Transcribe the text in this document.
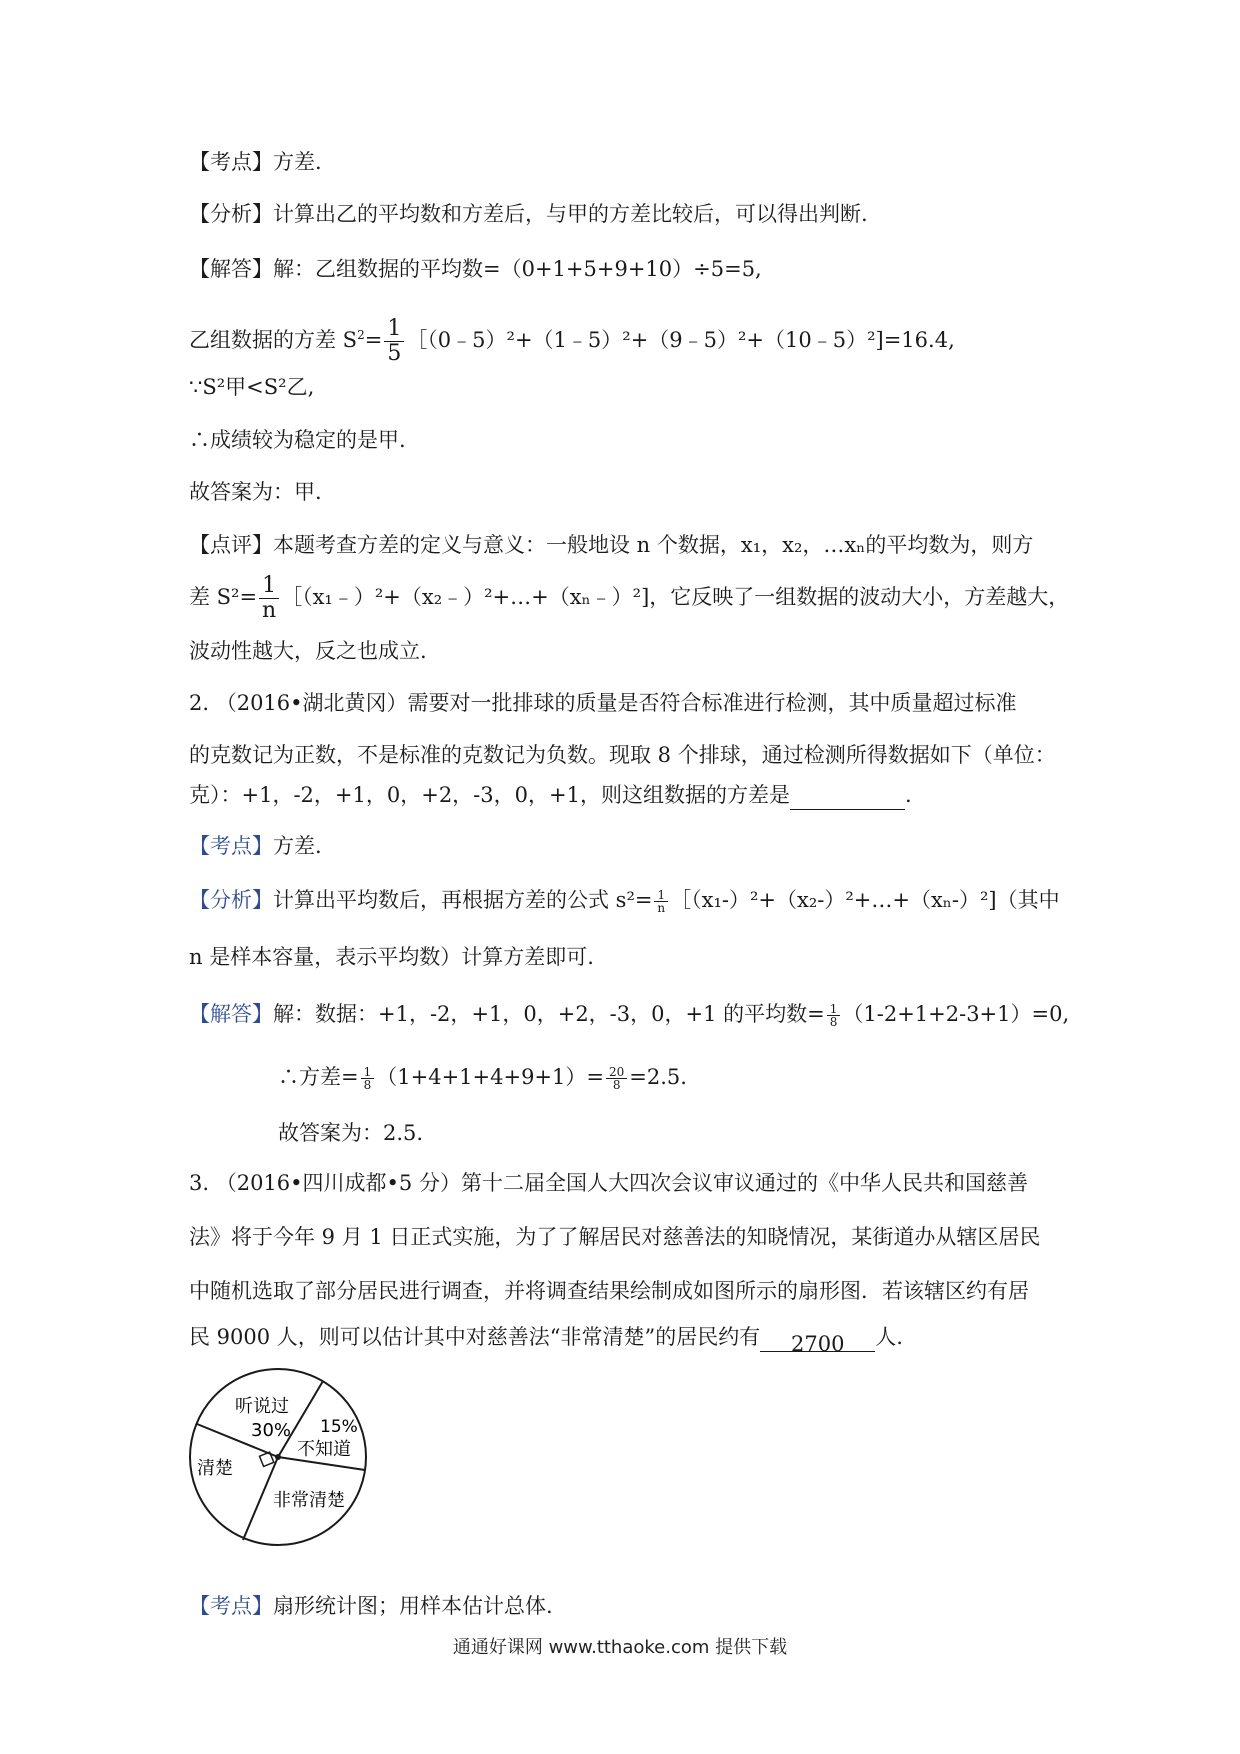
【考点】方差.
【分析】计算出乙的平均数和方差后，与甲的方差比较后，可以得出判断.
【解答】解：乙组数据的平均数=（0+1+5+9+10）÷5=5,
乙组数据的方差 $S^2= \frac{1}{5}$ ［（0﹣5）²+（1﹣5）²+（9﹣5）²+（10﹣5）²]=16.4,
∵S²甲<S²乙,
∴成绩较为稳定的是甲.
故答案为：甲.
【点评】本题考查方差的定义与意义：一般地设 n 个数据，x₁，x₂，…xₙ的平均数为，则方
差 $S^2= \frac{1}{n}$ ［（x₁﹣）²+（x₂﹣）²+…+（xₙ﹣）²]，它反映了一组数据的波动大小，方差越大，
波动性越大，反之也成立.
2. （2016•湖北黄冈）需要对一批排球的质量是否符合标准进行检测，其中质量超过标准
的克数记为正数，不是标准的克数记为负数。现取 8 个排球，通过检测所得数据如下（单位：
克）：+1，-2，+1，0，+2，-3，0，+1，则这组数据的方差是	.
【考点】方差.
【分析】计算出平均数后，再根据方差的公式 $s^2= \frac{1}{n}$ ［（x₁-）²+（x₂-）²+…+（xₙ-）²]（其中
n 是样本容量，表示平均数）计算方差即可.
【解答】解：数据：+1，-2，+1，0，+2，-3，0，+1 的平均数= $\frac{1}{8} (1-2+1+2-3+1)=0$,
∴方差= $\frac{1}{8} (1+4+1+4+9+1)= \frac{20}{8} =2.5$.
故答案为：2.5.
3. （2016•四川成都•5 分）第十二届全国人大四次会议审议通过的《中华人民共和国慈善
法》将于今年 9 月 1 日正式实施，为了了解居民对慈善法的知晓情况，某街道办从辖区居民
中随机选取了部分居民进行调查，并将调查结果绘制成如图所示的扇形图．若该辖区约有居
民 9000 人，则可以估计其中对慈善法“非常清楚”的居民约有 2700 人.
听说过
30% 15%
不知道
清楚
非常清楚
【考点】扇形统计图；用样本估计总体.
通通好课网 www.tthaoke.com 提供下载
